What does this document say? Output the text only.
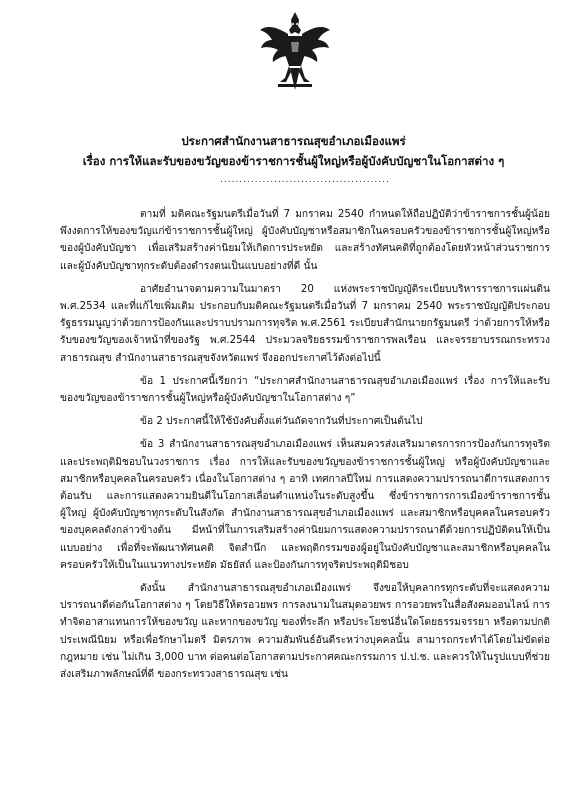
ประกาศสำนักงานสาธารณสุขอำเภอเมืองแพร่
เรื่อง การให้และรับของขวัญของข้าราชการชั้นผู้ใหญ่หรือผู้บังคับบัญชาในโอกาสต่าง ๆ
............................................

ตามที่ มติคณะรัฐมนตรีเมื่อวันที่ 7 มกราคม 2540 กำหนดให้ถือปฏิบัติว่าข้าราชการชั้นผู้น้อยพึงงดการให้ของขวัญแก่ข้าราชการชั้นผู้ใหญ่ ผู้บังคับบัญชาหรือสมาชิกในครอบครัวของข้าราชการชั้นผู้ใหญ่หรือของผู้บังคับบัญชา เพื่อเสริมสร้างค่านิยมให้เกิดการประหยัด และสร้างทัศนคติที่ถูกต้องโดยหัวหน้าส่วนราชการและผู้บังคับบัญชาทุกระดับต้องดำรงตนเป็นแบบอย่างที่ดี นั้น

อาศัยอำนาจตามความในมาตรา 20 แห่งพระราชบัญญัติระเบียบบริหารราชการแผ่นดิน พ.ศ.2534 และที่แก้ไขเพิ่มเติม ประกอบกับมติคณะรัฐมนตรีเมื่อวันที่ 7 มกราคม 2540 พระราชบัญญัติประกอบรัฐธรรมนูญว่าด้วยการป้องกันและปราบปรามการทุจริต พ.ศ.2561 ระเบียบสำนักนายกรัฐมนตรี ว่าด้วยการให้หรือรับของขวัญของเจ้าหน้าที่ของรัฐ พ.ศ.2544 ประมวลจริยธรรมข้าราชการพลเรือน และจรรยาบรรณกระทรวงสาธารณสุข สำนักงานสาธารณสุขจังหวัดแพร่ จึงออกประกาศไว้ดังต่อไปนี้

ข้อ 1 ประกาศนี้เรียกว่า “ประกาศสำนักงานสาธารณสุขอำเภอเมืองแพร่ เรื่อง การให้และรับของขวัญของข้าราชการชั้นผู้ใหญ่หรือผู้บังคับบัญชาในโอกาสต่าง ๆ”

ข้อ 2 ประกาศนี้ให้ใช้บังคับตั้งแต่วันถัดจากวันที่ประกาศเป็นต้นไป

ข้อ 3 สำนักงานสาธารณสุขอำเภอเมืองแพร่ เห็นสมควรส่งเสริมมาตรการการป้องกันการทุจริตและประพฤติมิชอบในวงราชการ เรื่อง การให้และรับของขวัญของข้าราชการชั้นผู้ใหญ่ หรือผู้บังคับบัญชาและสมาชิกหรือบุคคลในครอบครัว เนื่องในโอกาสต่าง ๆ อาทิ เทศกาลปีใหม่ การแสดงความปรารถนาดีการแสดงการต้อนรับ และการแสดงความยินดีในโอกาสเลื่อนตำแหน่งในระดับสูงขึ้น ซึ่งข้าราชการการเมืองข้าราชการชั้นผู้ใหญ่ ผู้บังคับบัญชาทุกระดับในสังกัด สำนักงานสาธารณสุขอำเภอเมืองแพร่ และสมาชิกหรือบุคคลในครอบครัวของบุคคลดังกล่าวข้างต้น มีหน้าที่ในการเสริมสร้างค่านิยมการแสดงความปรารถนาดีด้วยการปฏิบัติตนให้เป็นแบบอย่าง เพื่อที่จะพัฒนาทัศนคติ จิตสำนึก และพฤติกรรมของผู้อยู่ในบังคับบัญชาและสมาชิกหรือบุคคลในครอบครัวให้เป็นในแนวทางประหยัด มัธยัสถ์ และป้องกันการทุจริตประพฤติมิชอบ

ดังนั้น สำนักงานสาธารณสุขอำเภอเมืองแพร่ จึงขอให้บุคลากรทุกระดับที่จะแสดงความปรารถนาดีต่อกันโอกาสต่าง ๆ โดยวิธีให้ตรอวยพร การลงนามในสมุดอวยพร การอวยพรในสื่อสังคมออนไลน์ การทำจิตอาสาแทนการให้ของขวัญ และหากของขวัญ ของที่ระลึก หรือประโยชน์อื่นใดโดยธรรมจรรยา หรือตามปกติประเพณีนิยม หรือเพื่อรักษาไมตรี มิตรภาพ ความสัมพันธ์อันดีระหว่างบุคคลนั้น สามารถกระทำได้โดยไม่ขัดต่อกฎหมาย เช่น ไม่เกิน 3,000 บาท ต่อคนต่อโอกาสตามประกาศคณะกรรมการ ป.ป.ช. และควรให้ในรูปแบบที่ช่วยส่งเสริมภาพลักษณ์ที่ดี ของกระทรวงสาธารณสุข เช่น
